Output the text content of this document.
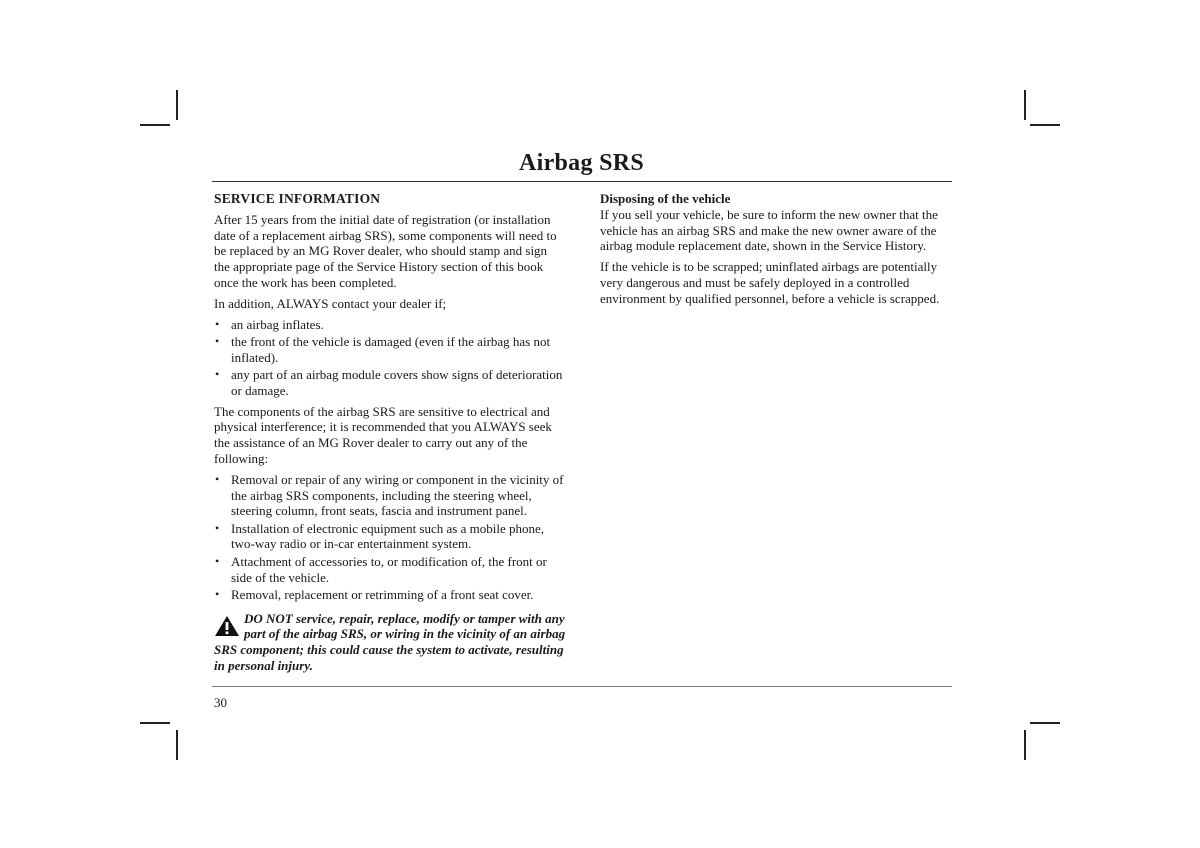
Airbag SRS
SERVICE INFORMATION

After 15 years from the initial date of registration (or installation date of a replacement airbag SRS), some components will need to be replaced by an MG Rover dealer, who should stamp and sign the appropriate page of the Service History section of this book once the work has been completed.

In addition, ALWAYS contact your dealer if;

• an airbag inflates.
• the front of the vehicle is damaged (even if the airbag has not inflated).
• any part of an airbag module covers show signs of deterioration or damage.

The components of the airbag SRS are sensitive to electrical and physical interference; it is recommended that you ALWAYS seek the assistance of an MG Rover dealer to carry out any of the following:

• Removal or repair of any wiring or component in the vicinity of the airbag SRS components, including the steering wheel, steering column, front seats, fascia and instrument panel.
• Installation of electronic equipment such as a mobile phone, two-way radio or in-car entertainment system.
• Attachment of accessories to, or modification of, the front or side of the vehicle.
• Removal, replacement or retrimming of a front seat cover.
DO NOT service, repair, replace, modify or tamper with any part of the airbag SRS, or wiring in the vicinity of an airbag SRS component; this could cause the system to activate, resulting in personal injury.
Disposing of the vehicle

If you sell your vehicle, be sure to inform the new owner that the vehicle has an airbag SRS and make the new owner aware of the airbag module replacement date, shown in the Service History.

If the vehicle is to be scrapped; uninflated airbags are potentially very dangerous and must be safely deployed in a controlled environment by qualified personnel, before a vehicle is scrapped.

30
